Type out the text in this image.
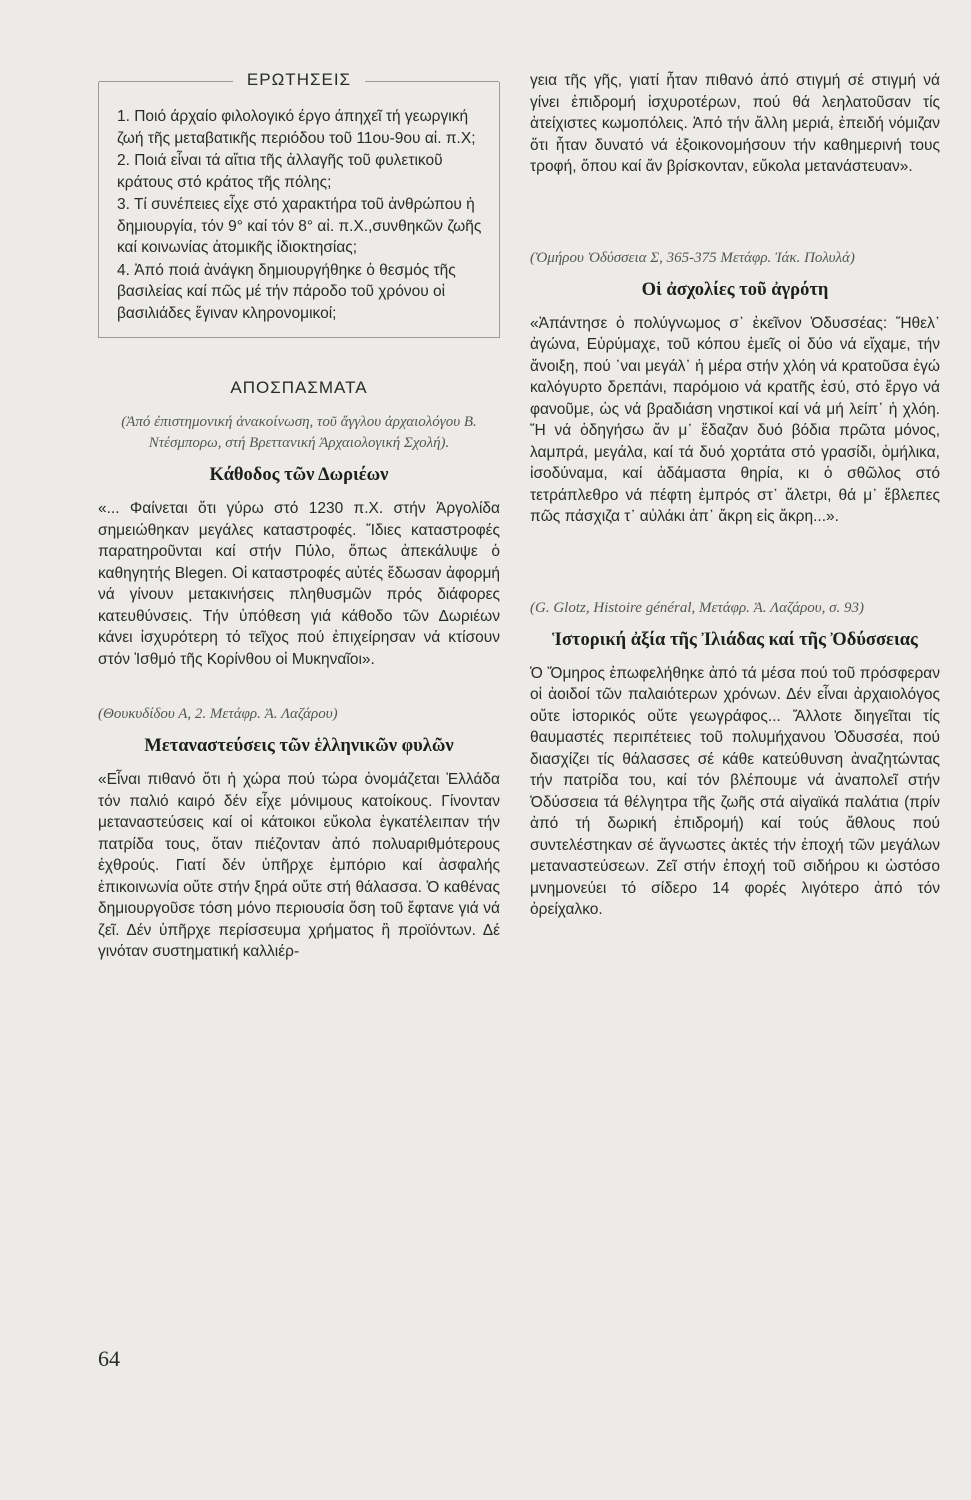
ΕΡΩΤΗΣΕΙΣ

1. Ποιό άρχαίο φιλολογικό έργο άπηχεῖ τή γεωργική ζωή τῆς μεταβατικῆς περιόδου τοῦ 11ου-9ου αἰ. π.Χ;

2. Ποιά εἶναι τά αἴτια τῆς ἀλλαγῆς τοῦ φυλετικοῦ κράτους στό κράτος τῆς πόλης;

3. Τί συνέπειες εἶχε στό χαρακτήρα τοῦ ἀνθρώπου ἡ δημιουργία, τόν 9° καί τόν 8° αἰ. π.Χ.,συνθηκῶν ζωῆς καί κοινωνίας ἀτομικῆς ἰδιοκτησίας;

4. Ἀπό ποιά ἀνάγκη δημιουργήθηκε ὁ θεσμός τῆς βασιλείας καί πῶς μέ τήν πάροδο τοῦ χρόνου οἱ βασιλιάδες ἔγιναν κληρονομικοί;

ΑΠΟΣΠΑΣΜΑΤΑ

(Ἀπό ἐπιστημονική ἀνακοίνωση, τοῦ ἄγγλου ἀρχαιολόγου Β. Ντέσμπορω, στή Βρεττανική Ἀρχαιολογική Σχολή).

Κάθοδος τῶν Δωριέων

«... Φαίνεται ὅτι γύρω στό 1230 π.Χ. στήν Ἀργολίδα σημειώθηκαν μεγάλες καταστροφές. Ἴδιες καταστροφές παρατηροῦνται καί στήν Πύλο, ὅπως ἀπεκάλυψε ὁ καθηγητής Blegen. Οἱ καταστροφές αὐτές ἔδωσαν ἀφορμή νά γίνουν μετακινήσεις πληθυσμῶν πρός διάφορες κατευθύνσεις. Τήν ὑπόθεση γιά κάθοδο τῶν Δωριέων κάνει ἰσχυρότερη τό τεῖχος πού ἐπιχείρησαν νά κτίσουν στόν Ἰσθμό τῆς Κορίνθου οἱ Μυκηναῖοι».

(Θουκυδίδου Α, 2. Μετάφρ. Ἀ. Λαζάρου)

Μεταναστεύσεις τῶν ἑλληνικῶν φυλῶν

«Εἶναι πιθανό ὅτι ἡ χώρα πού τώρα ὀνομάζεται Ἑλλάδα τόν παλιό καιρό δέν εἶχε μόνιμους κατοίκους. Γίνονταν μεταναστεύσεις καί οἱ κάτοικοι εὔκολα ἐγκατέλειπαν τήν πατρίδα τους, ὅταν πιέζονταν ἀπό πολυαριθμότερους ἐχθρούς. Γιατί δέν ὑπῆρχε ἐμπόριο καί ἀσφαλής ἐπικοινωνία οὔτε στήν ξηρά οὔτε στή θάλασσα. Ὁ καθένας δημιουργοῦσε τόση μόνο περιουσία ὅση τοῦ ἔφτανε γιά νά ζεῖ. Δέν ὑπῆρχε περίσσευμα χρήματος ἢ προϊόντων. Δέ γινόταν συστηματική καλλιέρ-

γεια τῆς γῆς, γιατί ἦταν πιθανό ἀπό στιγμή σέ στιγμή νά γίνει ἐπιδρομή ἰσχυροτέρων, πού θά λεηλατοῦσαν τίς ἀτείχιστες κωμοπόλεις. Ἀπό τήν ἄλλη μεριά, ἐπειδή νόμιζαν ὅτι ἦταν δυνατό νά ἐξοικονομήσουν τήν καθημερινή τους τροφή, ὅπου καί ἄν βρίσκονταν, εὔκολα μετανάστευαν».

(Ὁμήρου Ὀδύσσεια Σ, 365-375 Μετάφρ. Ἰάκ. Πολυλά)

Οἱ ἀσχολίες τοῦ ἀγρότη

«Ἀπάντησε ὁ πολύγνωμος σ᾽ ἐκεῖνον Ὀδυσσέας: Ἤθελ᾽ ἀγώνα, Εὐρύμαχε, τοῦ κόπου ἐμεῖς οἱ δύο νά εἴχαμε, τήν ἄνοιξη, πού ᾽ναι μεγάλ᾽ ἡ μέρα στήν χλόη νά κρατοῦσα ἐγώ καλόγυρτο δρεπάνι, παρόμοιο νά κρατῆς ἐσύ, στό ἔργο νά φανοῦμε, ὡς νά βραδιάση νηστικοί καί νά μή λείπ᾽ ἡ χλόη. Ἤ νά ὁδηγήσω ἄν μ᾽ ἔδαζαν δυό βόδια πρῶτα μόνος, λαμπρά, μεγάλα, καί τά δυό χορτάτα στό γρασίδι, ὁμήλικα, ἰσοδύναμα, καί ἀδάμαστα θηρία, κι ὁ σθῶλος στό τετράπλεθρο νά πέφτη ἐμπρός στ᾽ ἄλετρι, θά μ᾽ ἔβλεπες πῶς πάσχιζα τ᾽ αὐλάκι ἀπ᾽ ἄκρη εἰς ἄκρη...».

(G. Glotz, Histoire général, Μετάφρ. Ἀ. Λαζάρου, σ. 93)

Ἱστορική ἀξία τῆς Ἰλιάδας καί τῆς Ὀδύσσειας

Ὁ Ὅμηρος ἐπωφελήθηκε ἀπό τά μέσα πού τοῦ πρόσφεραν οἱ ἀοιδοί τῶν παλαιότερων χρόνων. Δέν εἶναι ἀρχαιολόγος οὔτε ἱστορικός οὔτε γεωγράφος... Ἄλλοτε διηγεῖται τίς θαυμαστές περιπέτειες τοῦ πολυμήχανου Ὀδυσσέα, πού διασχίζει τίς θάλασσες σέ κάθε κατεύθυνση ἀναζητώντας τήν πατρίδα του, καί τόν βλέπουμε νά ἀναπολεῖ στήν Ὀδύσσεια τά θέλγητρα τῆς ζωῆς στά αἰγαϊκά παλάτια (πρίν ἀπό τή δωρική ἐπιδρομή) καί τούς ἄθλους πού συντελέστηκαν σέ ἄγνωστες ἀκτές τήν ἐποχή τῶν μεγάλων μεταναστεύσεων. Ζεῖ στήν ἐποχή τοῦ σιδήρου κι ὡστόσο μνημονεύει τό σίδερο 14 φορές λιγότερο ἀπό τόν ὀρείχαλκο.

64
